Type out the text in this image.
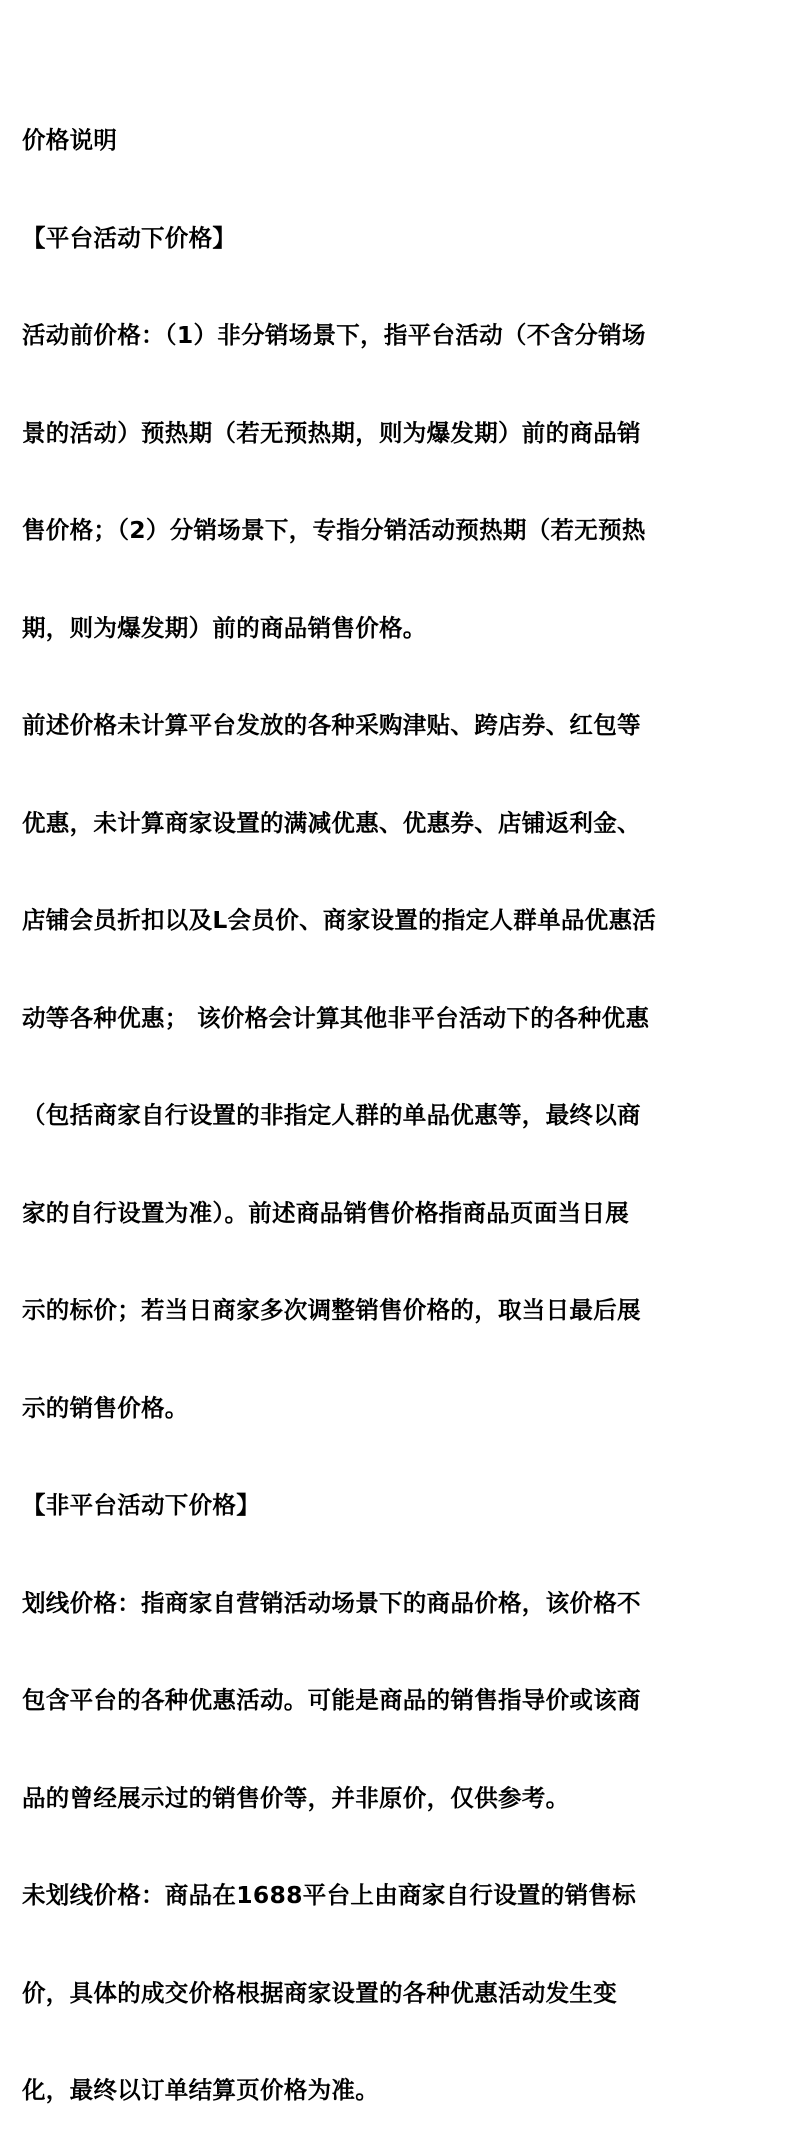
价格说明

【平台活动下价格】

活动前价格：（1）非分销场景下，指平台活动（不含分销场

景的活动）预热期（若无预热期，则为爆发期）前的商品销

售价格；（2）分销场景下，专指分销活动预热期（若无预热

期，则为爆发期）前的商品销售价格。

前述价格未计算平台发放的各种采购津贴、跨店券、红包等

优惠，未计算商家设置的满减优惠、优惠券、店铺返利金、

店铺会员折扣以及L会员价、商家设置的指定人群单品优惠活

动等各种优惠； 该价格会计算其他非平台活动下的各种优惠

（包括商家自行设置的非指定人群的单品优惠等，最终以商

家的自行设置为准）。前述商品销售价格指商品页面当日展

示的标价；若当日商家多次调整销售价格的，取当日最后展

示的销售价格。

【非平台活动下价格】

划线价格：指商家自营销活动场景下的商品价格，该价格不

包含平台的各种优惠活动。可能是商品的销售指导价或该商

品的曾经展示过的销售价等，并非原价，仅供参考。

未划线价格：商品在1688平台上由商家自行设置的销售标

价，具体的成交价格根据商家设置的各种优惠活动发生变

化，最终以订单结算页价格为准。
